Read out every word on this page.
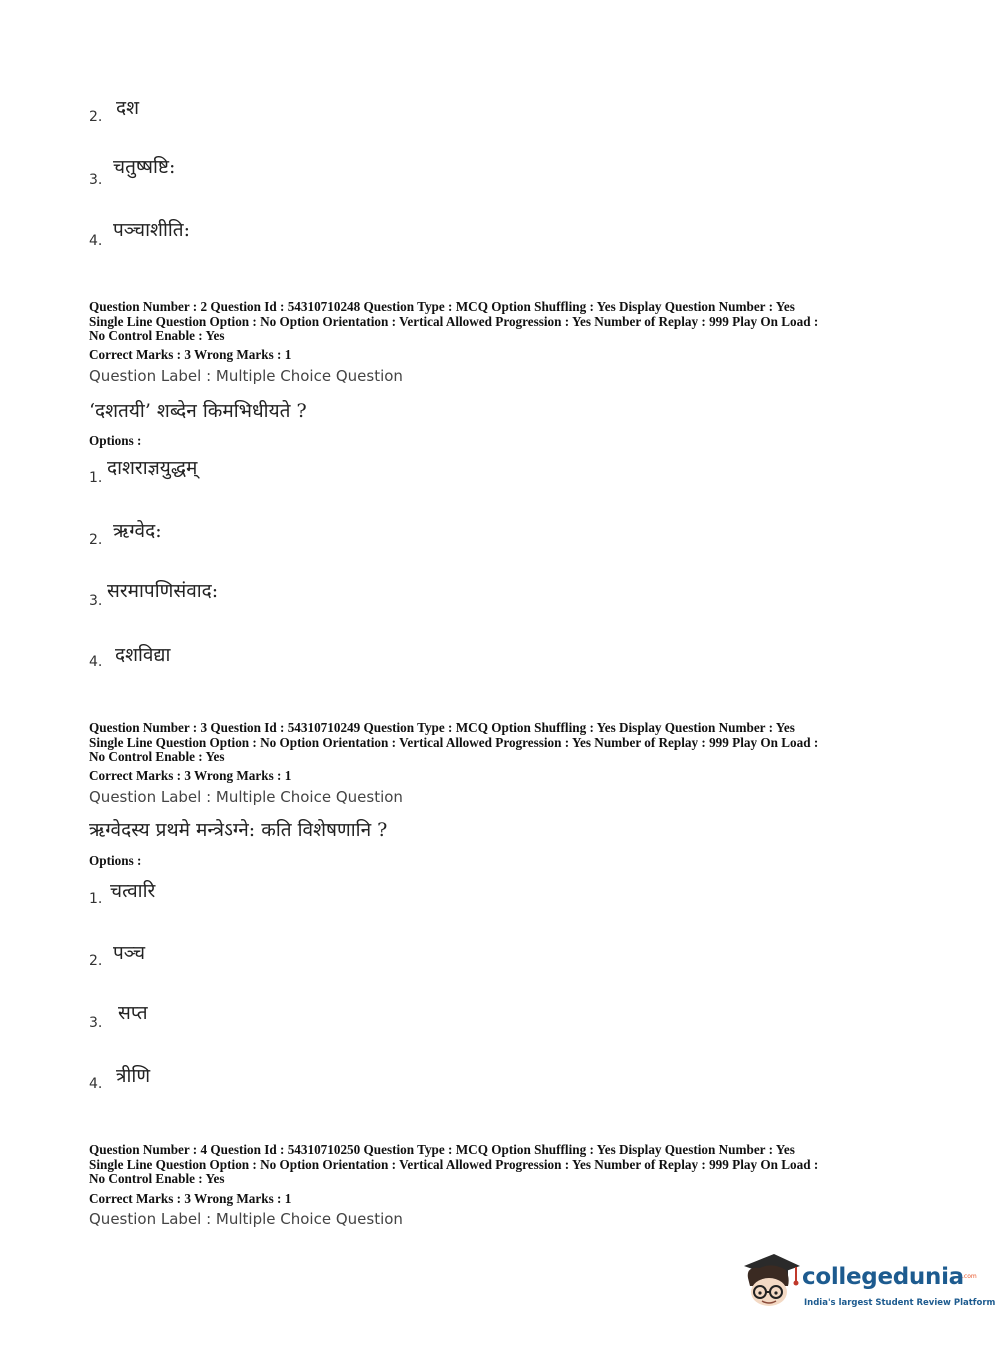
2. दश
3.
चतुष्षष्टि:
4. पञ्चाशीति:
Question Number : 2 Question Id : 54310710248 Question Type : MCQ Option Shuffling : Yes Display Question Number : Yes
Single Line Question Option : No Option Orientation : Vertical Allowed Progression : Yes Number of Replay : 999 Play On Load :
No Control Enable : Yes
Correct Marks : 3 Wrong Marks : 1
Question Label : Multiple Choice Question
‘दशतयी’ शब्देन किमभिधीयते ?
Options :
1. दाशराज्ञयुद्धम्
2. ऋग्वेद:
3. सरमापणिसंवाद:
4. दशविद्या
Question Number : 3 Question Id : 54310710249 Question Type : MCQ Option Shuffling : Yes Display Question Number : Yes
Single Line Question Option : No Option Orientation : Vertical Allowed Progression : Yes Number of Replay : 999 Play On Load :
No Control Enable : Yes
Correct Marks : 3 Wrong Marks : 1
Question Label : Multiple Choice Question
ऋग्वेदस्य प्रथमे मन्त्रेऽग्ने: कति विशेषणानि ?
Options :
1. चत्वारि
2. पञ्च
3. सप्त
4. त्रीणि
Question Number : 4 Question Id : 54310710250 Question Type : MCQ Option Shuffling : Yes Display Question Number : Yes
Single Line Question Option : No Option Orientation : Vertical Allowed Progression : Yes Number of Replay : 999 Play On Load :
No Control Enable : Yes
Correct Marks : 3 Wrong Marks : 1
Question Label : Multiple Choice Question
collegedunia
.com
India's largest Student Review Platform
